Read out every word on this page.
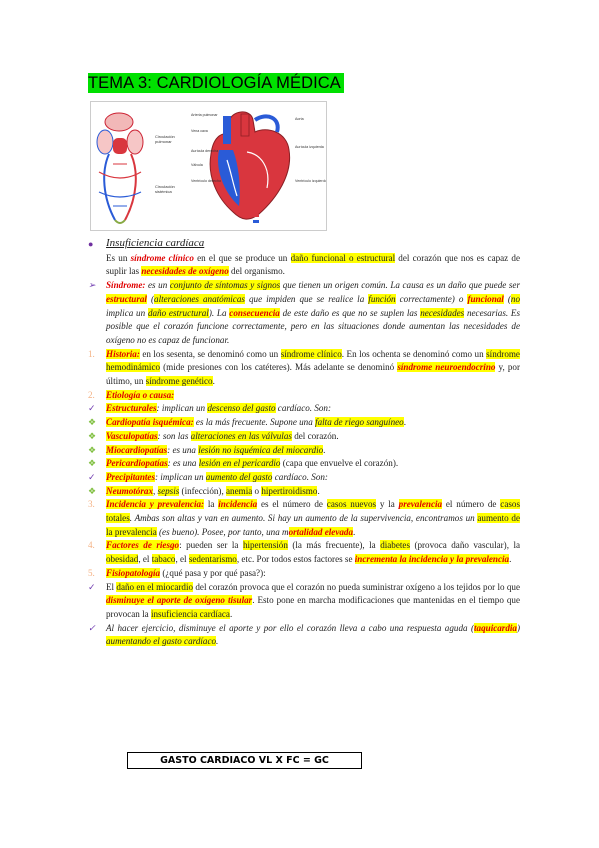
TEMA 3: CARDIOLOGÍA MÉDICA
Circulación
pulmonar
Circulación
sistémica
Arteria pulmonar
Vena cava
Aurícula derecha
Válvula
Ventrículo derecho
Aorta
Aurícula izquierda
Ventrículo izquierdo

● Insuficiencia cardíaca

Es un síndrome clínico en el que se produce un daño funcional o estructural del corazón que nos es capaz de suplir las necesidades de oxígeno del organismo.

➢ Síndrome: es un conjunto de síntomas y signos que tienen un origen común. La causa es un daño que puede ser estructural (alteraciones anatómicas que impiden que se realice la función correctamente) o funcional (no implica un daño estructural). La consecuencia de este daño es que no se suplen las necesidades necesarias. Es posible que el corazón funcione correctamente, pero en las situaciones donde aumentan las necesidades de oxígeno no es capaz de funcionar.

1. Historia: en los sesenta, se denominó como un síndrome clínico. En los ochenta se denominó como un síndrome hemodinámico (mide presiones con los catéteres). Más adelante se denominó síndrome neuroendocrino y, por último, un síndrome genético.

2. Etiología o causa:

✓ Estructurales: implican un descenso del gasto cardíaco. Son:

❖ Cardiopatía isquémica: es la más frecuente. Supone una falta de riego sanguíneo.

❖ Vasculopatías: son las alteraciones en las válvulas del corazón.

❖ Miocardiopatías: es una lesión no isquémica del miocardio.

❖ Pericardiopatías: es una lesión en el pericardio (capa que envuelve el corazón).

✓ Precipitantes: implican un aumento del gasto cardíaco. Son:

❖ Neumotórax, sepsis (infección), anemia o hipertiroidismo.

3. Incidencia y prevalencia: la incidencia es el número de casos nuevos y la prevalencia el número de casos totales. Ambas son altas y van en aumento. Si hay un aumento de la supervivencia, encontramos un aumento de la prevalencia (es bueno). Posee, por tanto, una mortalidad elevada.

4. Factores de riesgo: pueden ser la hipertensión (la más frecuente), la diabetes (provoca daño vascular), la obesidad, el tabaco, el sedentarismo, etc. Por todos estos factores se incrementa la incidencia y la prevalencia.

5. Fisiopatología (¿qué pasa y por qué pasa?):

✓ El daño en el miocardio del corazón provoca que el corazón no pueda suministrar oxígeno a los tejidos por lo que disminuye el aporte de oxígeno tisular. Esto pone en marcha modificaciones que mantenidas en el tiempo que provocan la insuficiencia cardíaca.

✓ Al hacer ejercicio, disminuye el aporte y por ello el corazón lleva a cabo una respuesta aguda (taquicardia) aumentando el gasto cardíaco.

GASTO CARDIACO VL X FC = GC
